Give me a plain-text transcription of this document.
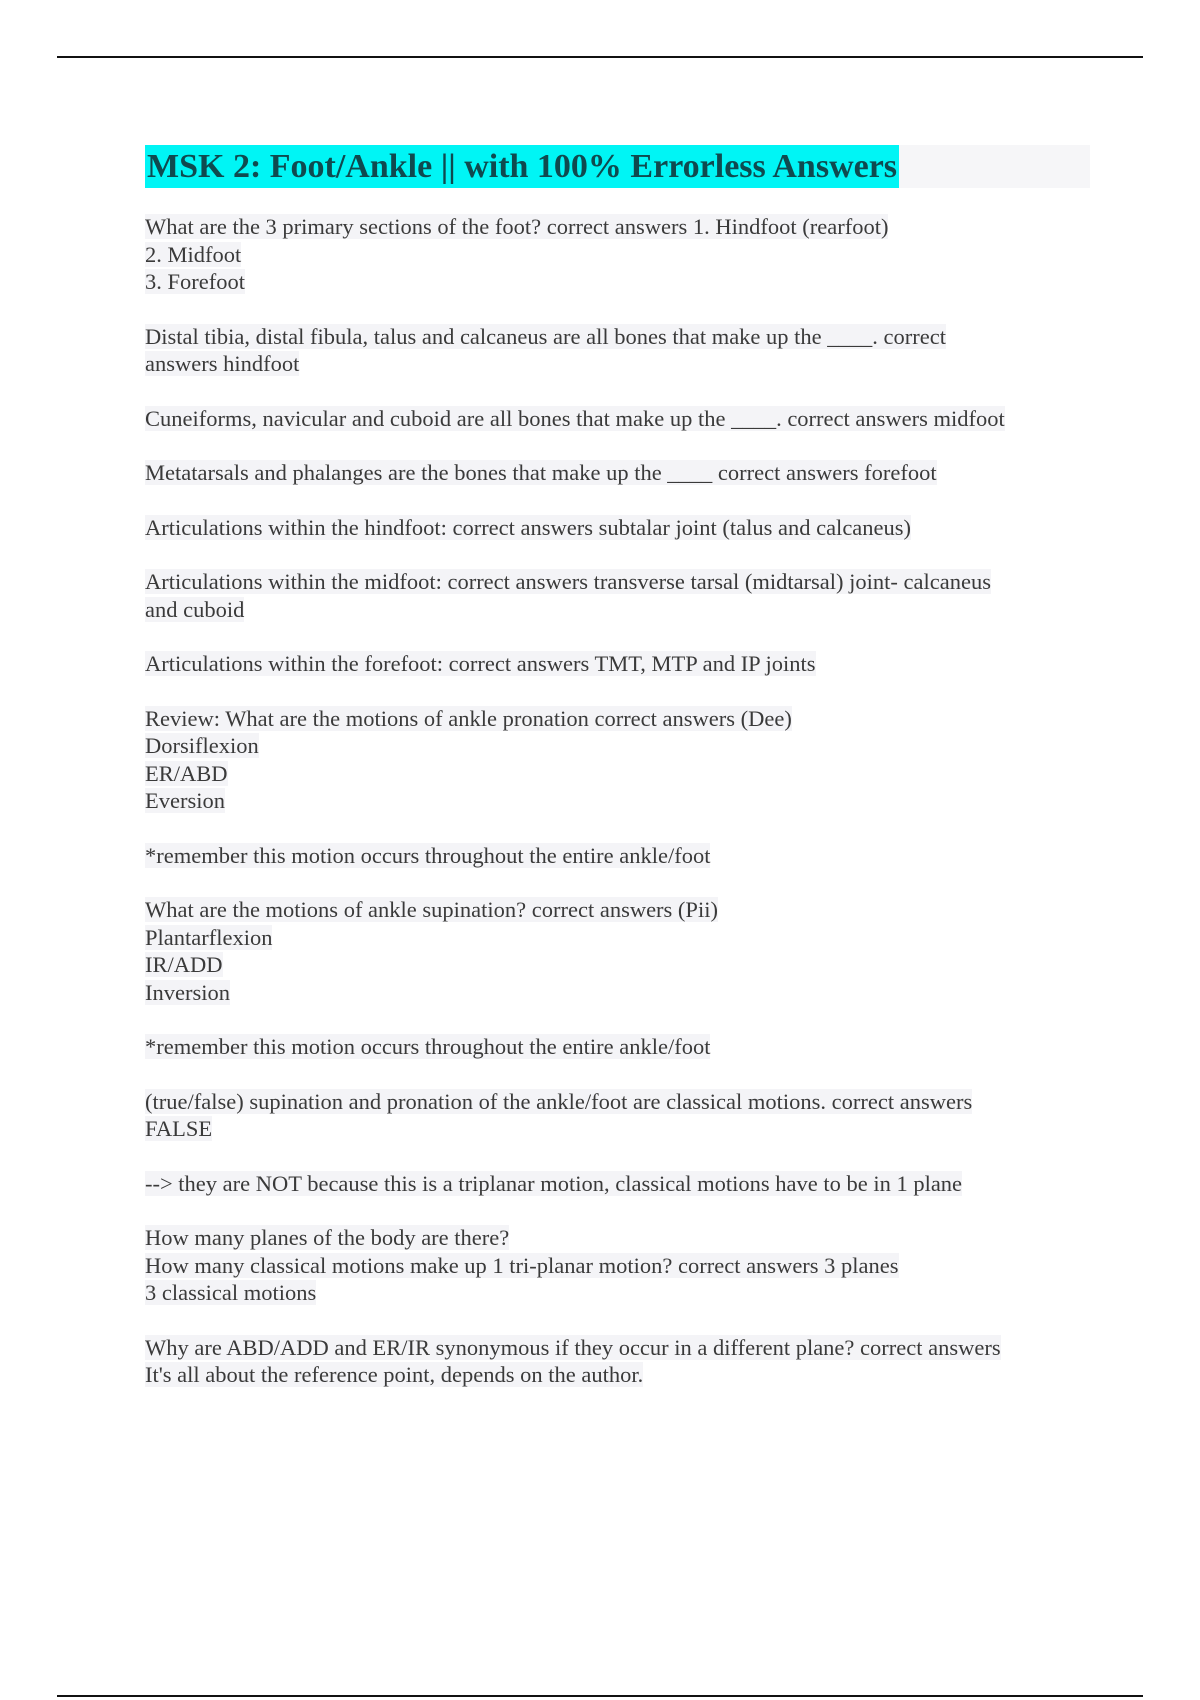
MSK 2: Foot/Ankle || with 100% Errorless Answers
What are the 3 primary sections of the foot? correct answers 1. Hindfoot (rearfoot)
2. Midfoot
3. Forefoot
Distal tibia, distal fibula, talus and calcaneus are all bones that make up the ____. correct
answers hindfoot
Cuneiforms, navicular and cuboid are all bones that make up the ____. correct answers midfoot
Metatarsals and phalanges are the bones that make up the ____ correct answers forefoot
Articulations within the hindfoot: correct answers subtalar joint (talus and calcaneus)
Articulations within the midfoot: correct answers transverse tarsal (midtarsal) joint- calcaneus
and cuboid
Articulations within the forefoot: correct answers TMT, MTP and IP joints
Review: What are the motions of ankle pronation correct answers (Dee)
Dorsiflexion
ER/ABD
Eversion
*remember this motion occurs throughout the entire ankle/foot
What are the motions of ankle supination? correct answers (Pii)
Plantarflexion
IR/ADD
Inversion
*remember this motion occurs throughout the entire ankle/foot
(true/false) supination and pronation of the ankle/foot are classical motions. correct answers
FALSE
--> they are NOT because this is a triplanar motion, classical motions have to be in 1 plane
How many planes of the body are there?
How many classical motions make up 1 tri-planar motion? correct answers 3 planes
3 classical motions
Why are ABD/ADD and ER/IR synonymous if they occur in a different plane? correct answers
It's all about the reference point, depends on the author.
